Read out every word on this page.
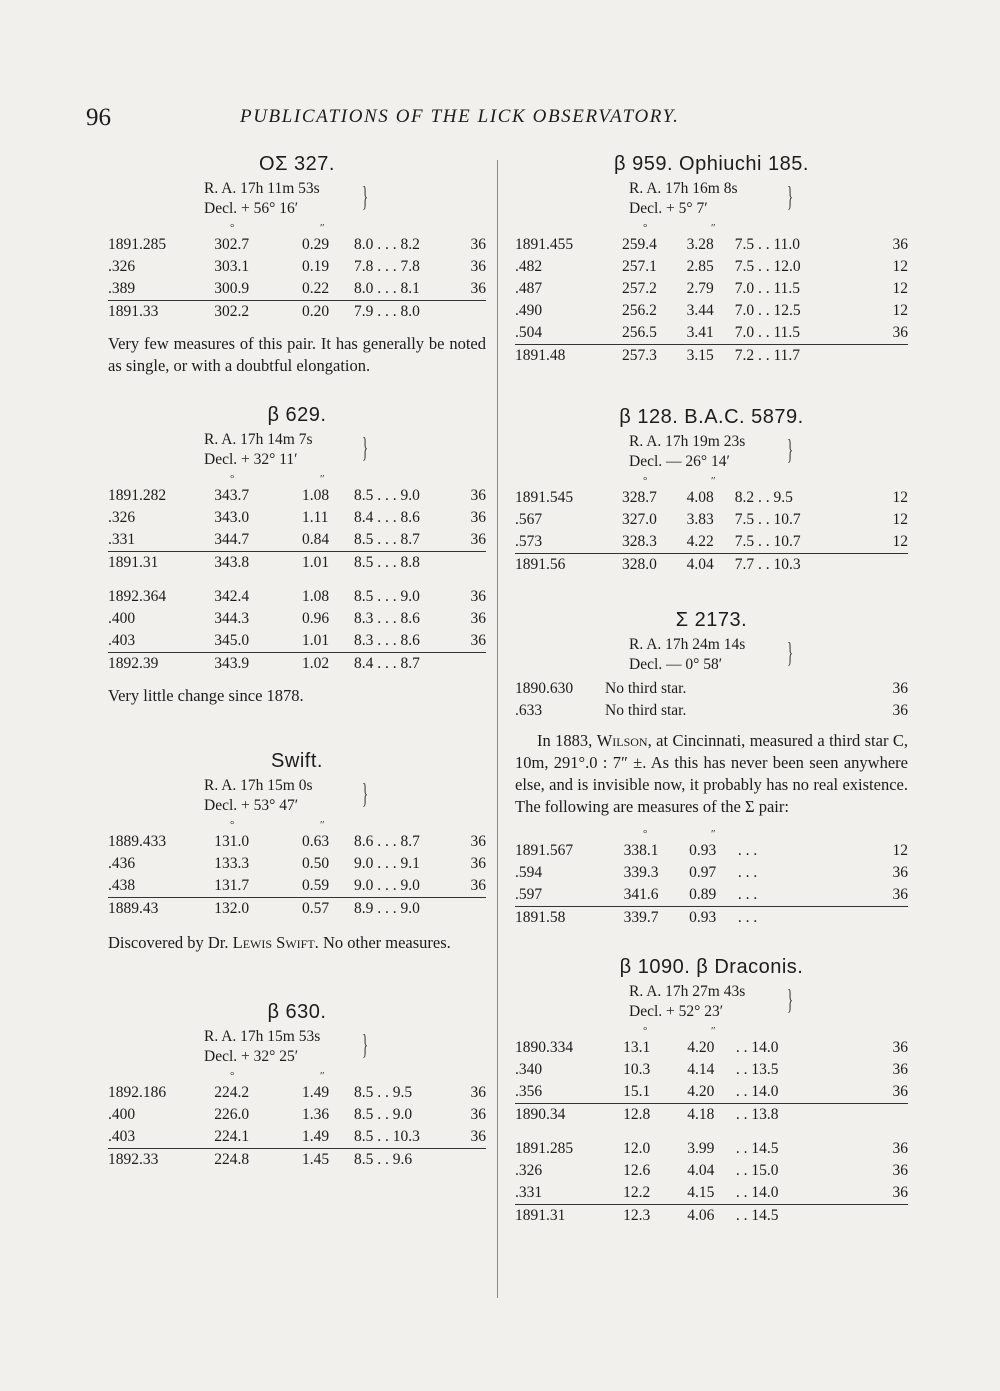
96	PUBLICATIONS OF THE LICK OBSERVATORY.
OΣ 327.
R. A. 17h 11m 53s
Decl. + 56° 16′ }
°	″
1891.285	302.7	0.29	8.0 . . . 8.2	36
.326	303.1	0.19	7.8 . . . 7.8	36
.389	300.9	0.22	8.0 . . . 8.1	36
1891.33	302.2	0.20	7.9 . . . 8.0	
Very few measures of this pair. It has generally be noted as single, or with a doubtful elongation.
β 629.
R. A. 17h 14m 7s
Decl. + 32° 11′ }
°	″
1891.282	343.7	1.08	8.5 . . . 9.0	36
.326	343.0	1.11	8.4 . . . 8.6	36
.331	344.7	0.84	8.5 . . . 8.7	36
1891.31	343.8	1.01	8.5 . . . 8.8	
1892.364	342.4	1.08	8.5 . . . 9.0	36
.400	344.3	0.96	8.3 . . . 8.6	36
.403	345.0	1.01	8.3 . . . 8.6	36
1892.39	343.9	1.02	8.4 . . . 8.7	
Very little change since 1878.
Swift.
R. A. 17h 15m 0s
Decl. + 53° 47′ }
°	″
1889.433	131.0	0.63	8.6 . . . 8.7	36
.436	133.3	0.50	9.0 . . . 9.1	36
.438	131.7	0.59	9.0 . . . 9.0	36
1889.43	132.0	0.57	8.9 . . . 9.0	
Discovered by Dr. Lewis Swift. No other measures.
β 630.
R. A. 17h 15m 53s
Decl. + 32° 25′ }
°	″
1892.186	224.2	1.49	8.5 . . 9.5	36
.400	226.0	1.36	8.5 . . 9.0	36
.403	224.1	1.49	8.5 . . 10.3	36
1892.33	224.8	1.45	8.5 . . 9.6	
β 959. Ophiuchi 185.
R. A. 17h 16m 8s
Decl. + 5° 7′	}
°	″
1891.455	259.4	3.28	7.5 . . 11.0	36
.482	257.1	2.85	7.5 . . 12.0	12
.487	257.2	2.79	7.0 . . 11.5	12
.490	256.2	3.44	7.0 . . 12.5	12
.504	256.5	3.41	7.0 . . 11.5	36
1891.48	257.3	3.15	7.2 . . 11.7	
β 128. B.A.C. 5879.
R. A. 17h 19m 23s
Decl. — 26° 14′ }
°	″
1891.545	328.7	4.08	8.2 . . 9.5	12
.567	327.0	3.83	7.5 . . 10.7	12
.573	328.3	4.22	7.5 . . 10.7	12
1891.56	328.0	4.04	7.7 . . 10.3	
Σ 2173.
R. A. 17h 24m 14s
Decl. — 0° 58′ }
1890.630	No third star.	36
.633	No third star.	36
In 1883, Wilson, at Cincinnati, measured a third star C, 10m, 291°.0 : 7″ ±. As this has never been seen anywhere else, and is invisible now, it probably has no real existence. The following are measures of the Σ pair:
°	″
1891.567	338.1	0.93	. . .	12
.594	339.3	0.97	. . .	36
.597	341.6	0.89	. . .	36
1891.58	339.7	0.93	. . .	
β 1090. β Draconis.
R. A. 17h 27m 43s
Decl. + 52° 23′ }
°	″
1890.334	13.1	4.20	. . 14.0	36
.340	10.3	4.14	. . 13.5	36
.356	15.1	4.20	. . 14.0	36
1890.34	12.8	4.18	. . 13.8	
1891.285	12.0	3.99	. . 14.5	36
.326	12.6	4.04	. . 15.0	36
.331	12.2	4.15	. . 14.0	36
1891.31	12.3	4.06	. . 14.5	
